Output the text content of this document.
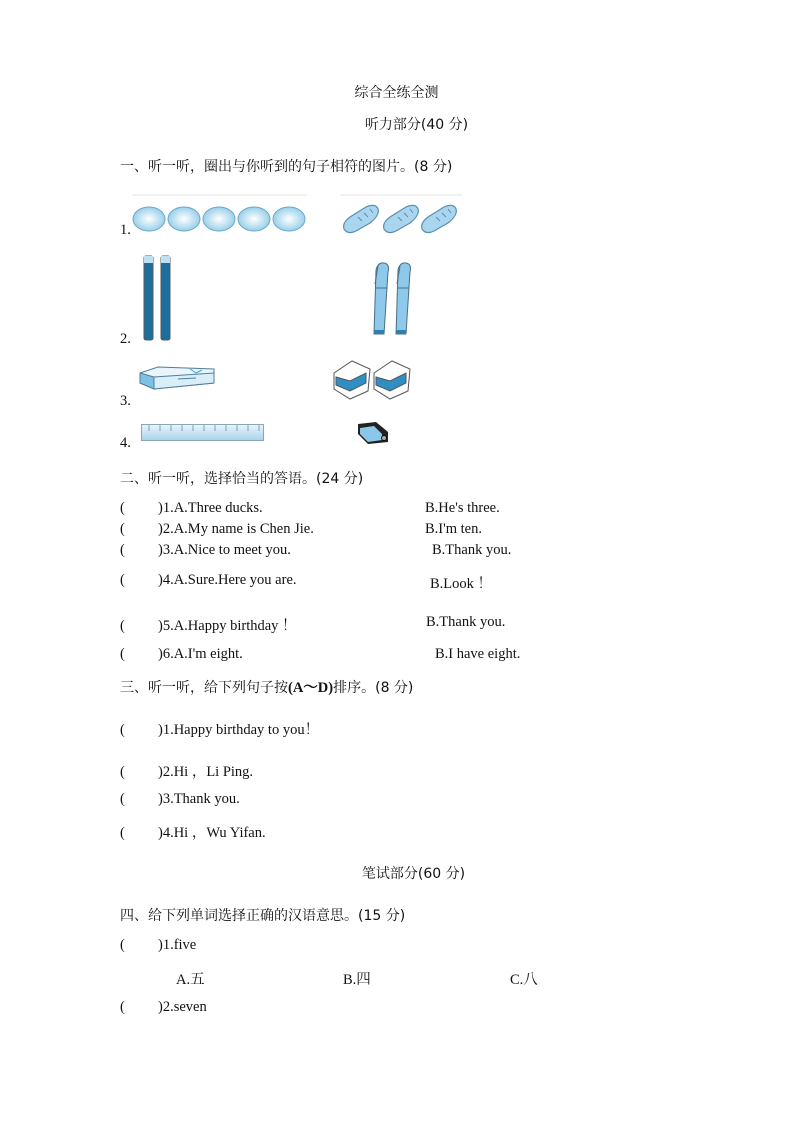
综合全练全测
听力部分(40 分)
一、听一听，圈出与你听到的句子相符的图片。(8 分)
1.
2.
3.
4.
二、听一听，选择恰当的答语。(24 分)
( )1.A.Three ducks.	B.He's three.
( )2.A.My name is Chen Jie.	B.I'm ten.
( )3.A.Nice to meet you.	B.Thank you.
( )4.A.Sure.Here you are.	B.Look ！
( )5.A.Happy birthday ！	B.Thank you.
( )6.A.I'm eight.	B.I have eight.
三、听一听，给下列句子按(A～D)排序。(8 分)
( )1.Happy birthday to you！
( )2.Hi ，Li Ping.
( )3.Thank you.
( )4.Hi ，Wu Yifan.
笔试部分(60 分)
四、给下列单词选择正确的汉语意思。(15 分)
( )1.five
A.五	B.四	C.八
( )2.seven
